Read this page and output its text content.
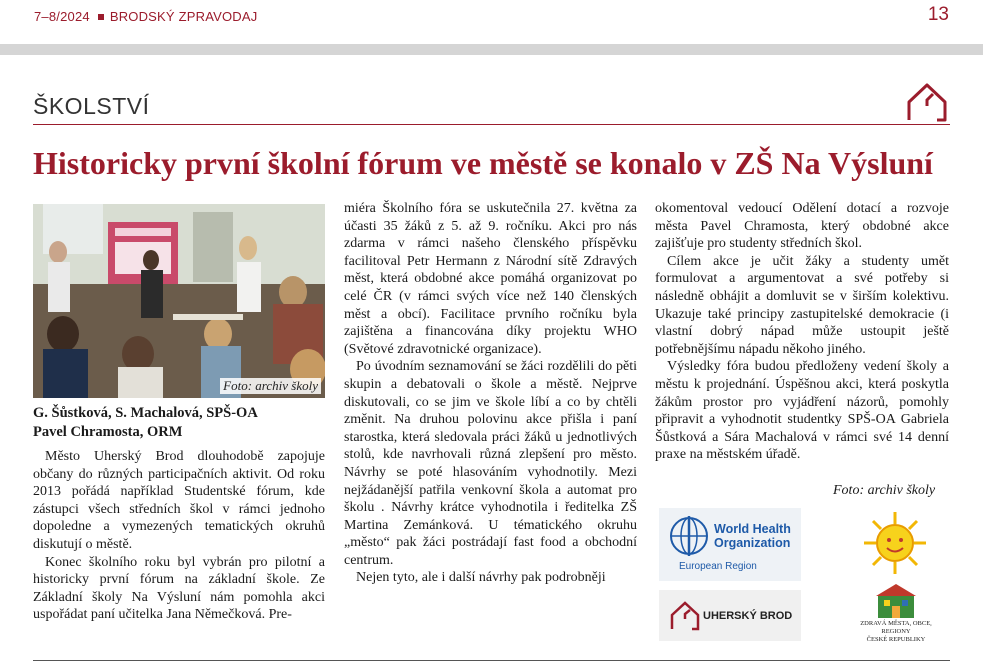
7–8/2024 BRODSKÝ ZPRAVODAJ	13
ŠKOLSTVÍ
Historicky první školní fórum ve městě se konalo v ZŠ Na Výsluní
Foto: archiv školy
G. Šůstková, S. Machalová, SPŠ-OA
Pavel Chramosta, ORM

Město Uherský Brod dlouhodobě zapojuje občany do různých participačních aktivit. Od roku 2013 pořádá například Studentské fórum, kde zástupci všech středních škol v rámci jednoho dopoledne a vymezených tematických okruhů diskutují o městě.

Konec školního roku byl vybrán pro pilotní a historicky první fórum na základní škole. Ze Základní školy Na Výsluní nám pomohla akci uspořádat paní učitelka Jana Němečková. Pre-

miéra Školního fóra se uskutečnila 27. května za účasti 35 žáků z 5. až 9. ročníku. Akci pro nás zdarma v rámci našeho členského příspěvku facilitoval Petr Hermann z Národní sítě Zdravých měst, která obdobné akce pomáhá organizovat po celé ČR (v rámci svých více než 140 členských měst a obcí). Facilitace prvního ročníku byla zajištěna a financována díky projektu WHO (Světové zdravotnické organizace).

Po úvodním seznamování se žáci rozdělili do pěti skupin a debatovali o škole a městě. Nejprve diskutovali, co se jim ve škole líbí a co by chtěli změnit. Na druhou polovinu akce přišla i paní starostka, která sledovala práci žáků u jednotlivých stolů, kde navrhovali různá zlepšení pro město. Návrhy se poté hlasováním vyhodnotily. Mezi nejžádanější patřila venkovní škola a automat pro školu . Návrhy krátce vyhodnotila i ředitelka ZŠ Martina Zemánková. U tématického okruhu „město“ pak žáci postrádají fast food a obchodní centrum.

Nejen tyto, ale i další návrhy pak podrobněji

okomentoval vedoucí Odělení dotací a rozvoje města Pavel Chramosta, který obdobné akce zajišťuje pro studenty středních škol.

Cílem akce je učit žáky a studenty umět formulovat a argumentovat a své potřeby si následně obhájit a domluvit se v širším kolektivu. Ukazuje také principy zastupitelské demokracie (i vlastní dobrý nápad může ustoupit ještě potřebnějšímu nápadu někoho jiného.

Výsledky fóra budou předloženy vedení školy a městu k projednání. Úspěšnou akci, která poskytla žákům prostor pro vyjádření názorů, pomohly připravit a vyhodnotit studentky SPŠ-OA Gabriela Šůstková a Sára Machalová v rámci své 14 denní praxe na městském úřadě.

Foto: archiv školy
World Health
Organization
European Region
UHERSKÝ BROD
ZDRAVÁ MĚSTA, OBCE, REGIONY
ČESKÉ REPUBLIKY
